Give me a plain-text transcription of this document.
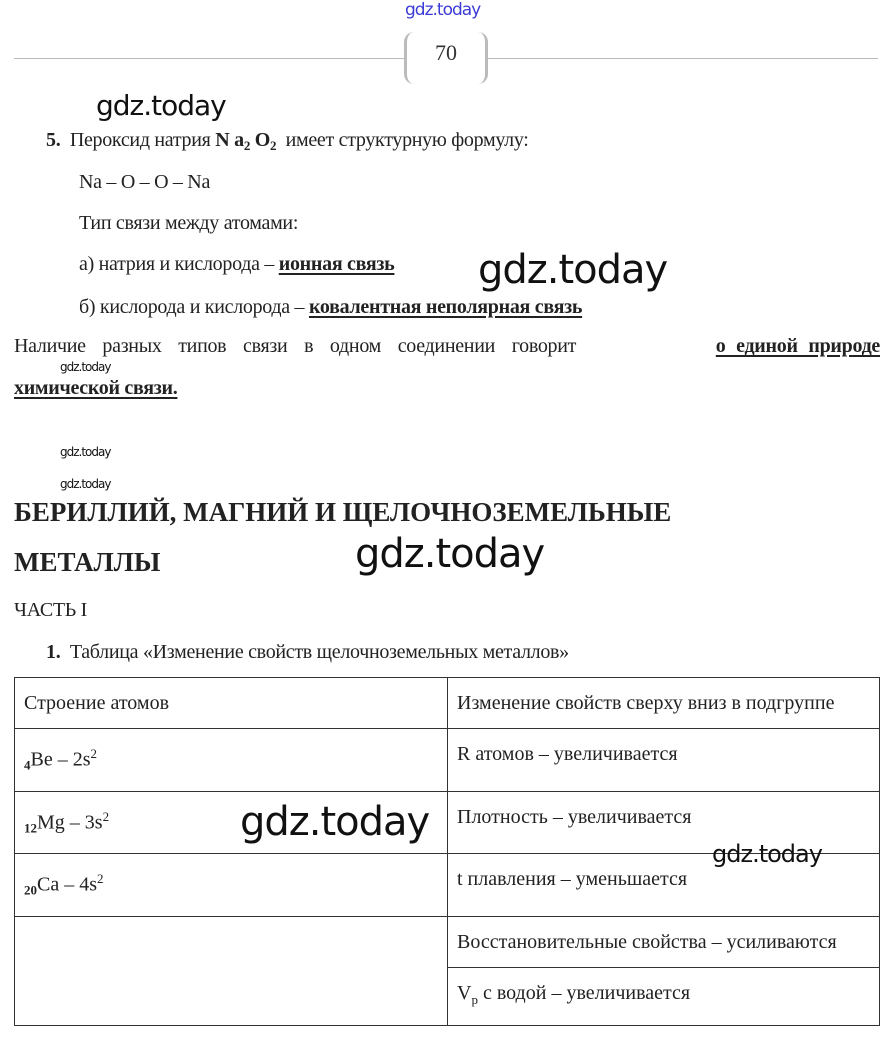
gdz.today
70
gdz.today
5. Пероксид натрия N $a_2$ $O_2$ имеет структурную формулу:
Na – O – O – Na
Тип связи между атомами:
а) натрия и кислорода – ионная связь gdz.today
б) кислорода и кислорода – ковалентная неполярная связь
Наличие разных типов связи в одном соединении говорит	о единой природе
gdz.today
химической связи.
gdz.today
gdz.today
БЕРИЛЛИЙ, МАГНИЙ И ЩЕЛОЧНОЗЕМЕЛЬНЫЕ
МЕТАЛЛЫ	gdz.today
ЧАСТЬ I
1. Таблица «Изменение свойств щелочноземельных металлов»
Строение атомов	Изменение свойств сверху вниз в подгруппе
$_4Be - 2s^2$	R атомов – увеличивается
$_{12}Mg - 3s^2$	Плотность – увеличивается
$_{20}Ca - 4s^2$	t плавления – уменьшается
	Восстановительные свойства – усиливаются
	$V_p$ с водой – увеличивается
gdz.today
gdz.today
